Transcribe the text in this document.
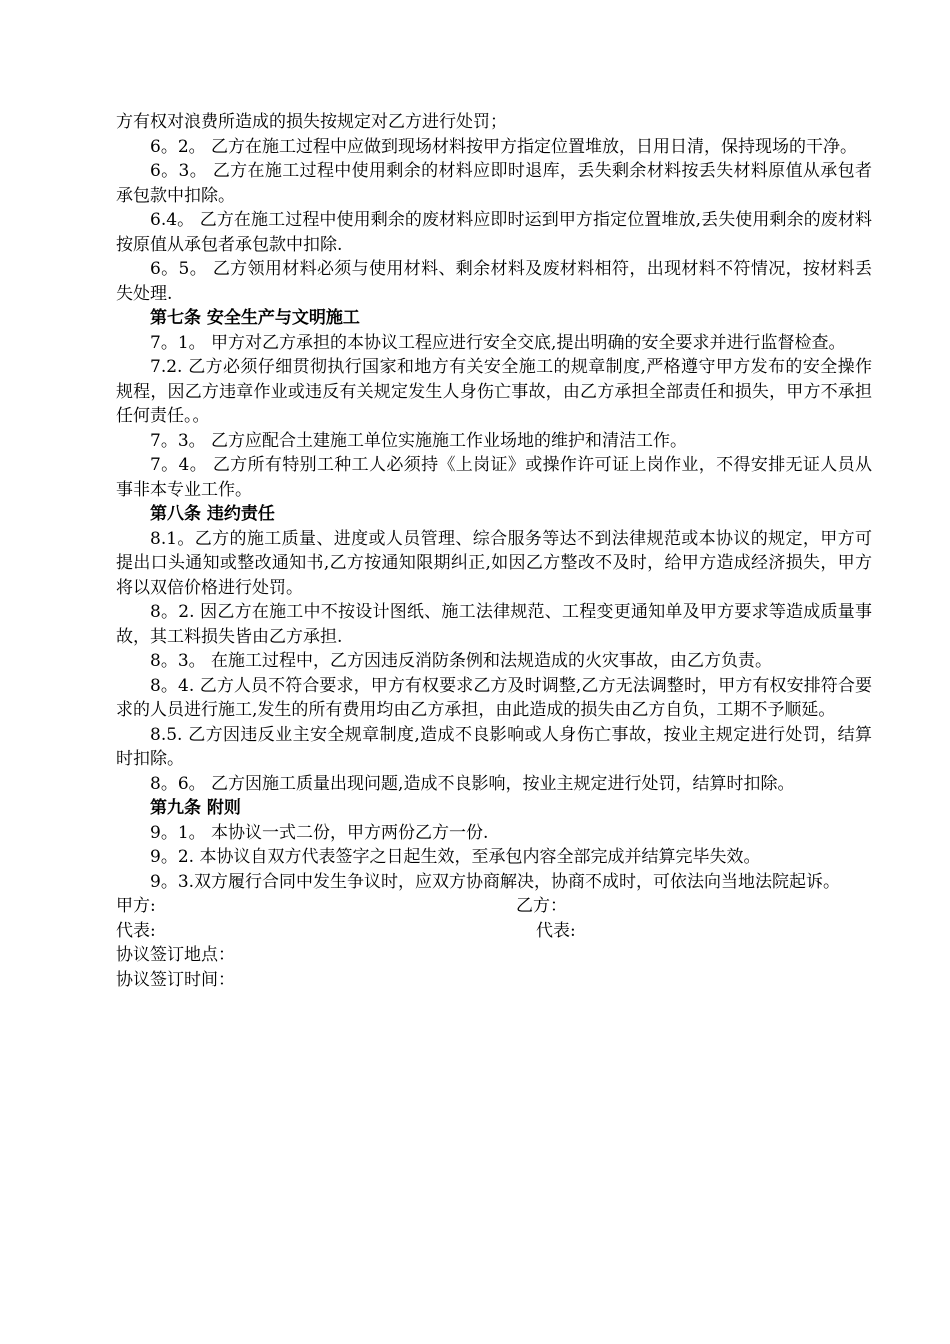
方有权对浪费所造成的损失按规定对乙方进行处罚；
6。2。 乙方在施工过程中应做到现场材料按甲方指定位置堆放，日用日清，保持现场的干净。
6。3。 乙方在施工过程中使用剩余的材料应即时退库，丢失剩余材料按丢失材料原值从承包者承包款中扣除。
6.4。 乙方在施工过程中使用剩余的废材料应即时运到甲方指定位置堆放,丢失使用剩余的废材料按原值从承包者承包款中扣除.
6。5。 乙方领用材料必须与使用材料、剩余材料及废材料相符，出现材料不符情况，按材料丢失处理.
第七条 安全生产与文明施工
7。1。 甲方对乙方承担的本协议工程应进行安全交底,提出明确的安全要求并进行监督检查。
7.2. 乙方必须仔细贯彻执行国家和地方有关安全施工的规章制度,严格遵守甲方发布的安全操作规程，因乙方违章作业或违反有关规定发生人身伤亡事故，由乙方承担全部责任和损失，甲方不承担任何责任。。
7。3。 乙方应配合土建施工单位实施施工作业场地的维护和清洁工作。
7。4。 乙方所有特别工种工人必须持《上岗证》或操作许可证上岗作业，不得安排无证人员从事非本专业工作。
第八条 违约责任
8.1。乙方的施工质量、进度或人员管理、综合服务等达不到法律规范或本协议的规定，甲方可提出口头通知或整改通知书,乙方按通知限期纠正,如因乙方整改不及时，给甲方造成经济损失，甲方将以双倍价格进行处罚。
8。2. 因乙方在施工中不按设计图纸、施工法律规范、工程变更通知单及甲方要求等造成质量事故，其工料损失皆由乙方承担.
8。3。 在施工过程中，乙方因违反消防条例和法规造成的火灾事故，由乙方负责。
8。4. 乙方人员不符合要求，甲方有权要求乙方及时调整,乙方无法调整时，甲方有权安排符合要求的人员进行施工,发生的所有费用均由乙方承担，由此造成的损失由乙方自负，工期不予顺延。
8.5. 乙方因违反业主安全规章制度,造成不良影响或人身伤亡事故，按业主规定进行处罚，结算时扣除。
8。6。 乙方因施工质量出现问题,造成不良影响，按业主规定进行处罚，结算时扣除。
第九条 附则
9。1。 本协议一式二份，甲方两份乙方一份.
9。2. 本协议自双方代表签字之日起生效，至承包内容全部完成并结算完毕失效。
9。3.双方履行合同中发生争议时，应双方协商解决，协商不成时，可依法向当地法院起诉。
甲方:	乙方：
代表:	代表:
协议签订地点：
协议签订时间：
